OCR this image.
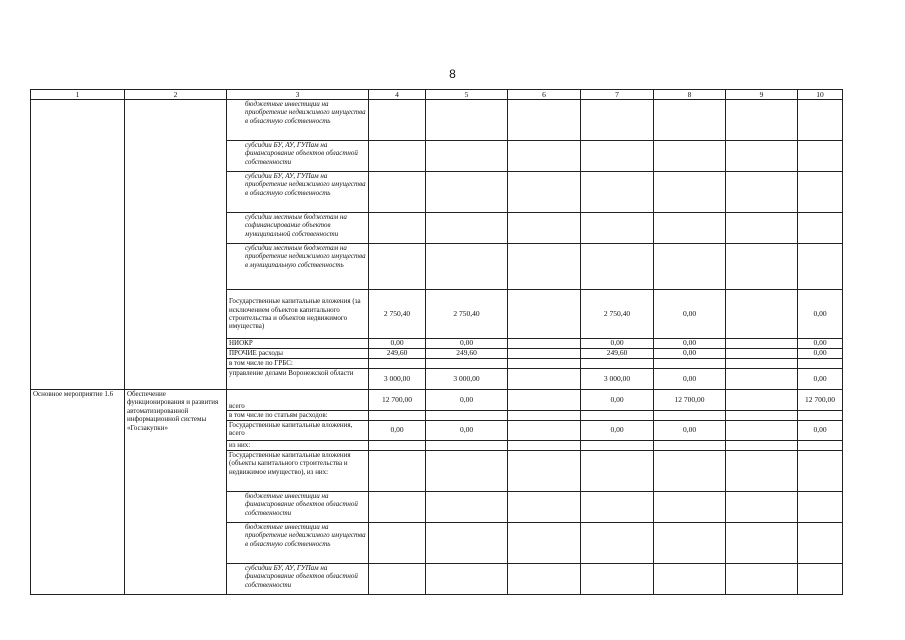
8
1	2	3	4	5	6	7	8	9	10
		бюджетные инвестиции на приобретение недвижимого имущества в областную собственность							
		субсидии БУ, АУ, ГУПам на финансирование объектов областной собственности							
		субсидии БУ, АУ, ГУПам на приобретение недвижимого имущества в областную собственность							
		субсидии местным бюджетам на софинансирование объектов муниципальной собственности							
		субсидии местным бюджетам на приобретение недвижимого имущества в муниципальную собственность							
		Государственные капитальные вложения (за исключением объектов капитального строительства и объектов недвижимого имущества)	2 750,40	2 750,40		2 750,40	0,00		0,00
		НИОКР	0,00	0,00		0,00	0,00		0,00
		ПРОЧИЕ расходы	249,60	249,60		249,60	0,00		0,00
		в том числе по ГРБС:							
		управление делами Воронежской области	3 000,00	3 000,00		3 000,00	0,00		0,00
Основное мероприятие 1.6	Обеспечение функционирования и развития автоматизированной информационной системы «Госзакупки»	всего	12 700,00	0,00		0,00	12 700,00		12 700,00
		в том числе по статьям расходов:							
		Государственные капитальные вложения, всего	0,00	0,00		0,00	0,00		0,00
		из них:							
		Государственные капитальные вложения (объекты капитального строительства и недвижимое имущество), из них:							
		бюджетные инвестиции на финансирование объектов областной собственности							
		бюджетные инвестиции на приобретение недвижимого имущества в областную собственность							
		субсидии БУ, АУ, ГУПам на финансирование объектов областной собственности							
